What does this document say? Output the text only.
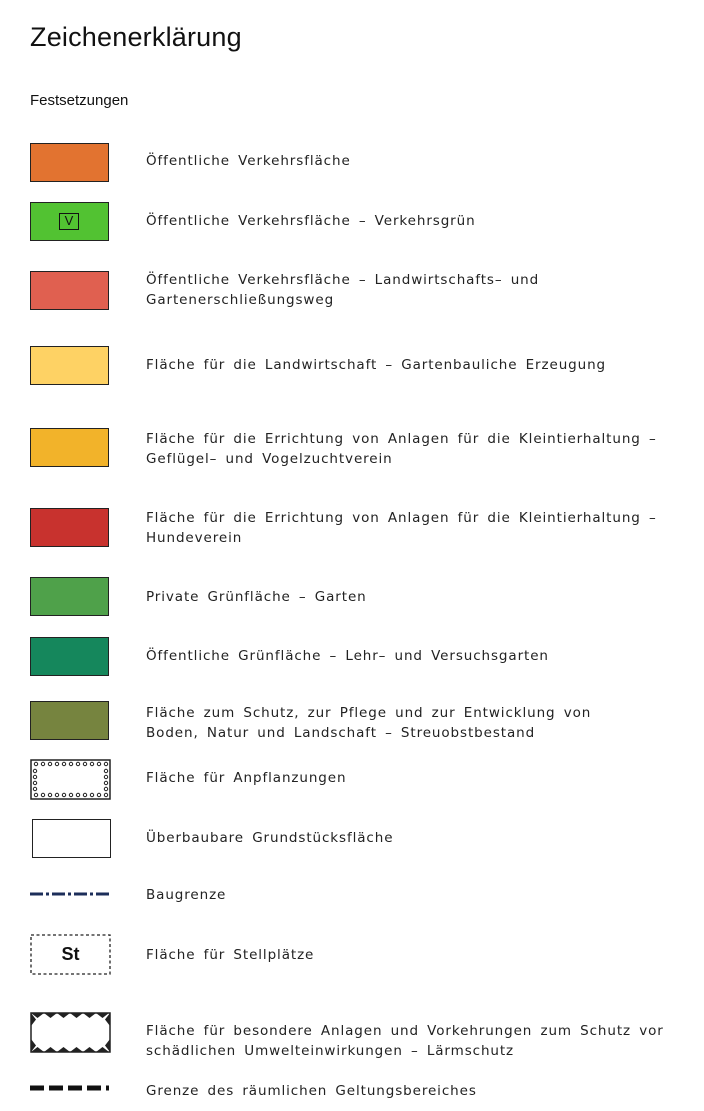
Zeichenerklärung
Festsetzungen
Öffentliche Verkehrsfläche
V	Öffentliche Verkehrsfläche – Verkehrsgrün
Öffentliche Verkehrsfläche – Landwirtschafts– und
Gartenerschließungsweg
Fläche für die Landwirtschaft – Gartenbauliche Erzeugung
Fläche für die Errichtung von Anlagen für die Kleintierhaltung –
Geflügel– und Vogelzuchtverein
Fläche für die Errichtung von Anlagen für die Kleintierhaltung –
Hundeverein
Private Grünfläche – Garten
Öffentliche Grünfläche – Lehr– und Versuchsgarten
Fläche zum Schutz, zur Pflege und zur Entwicklung von
Boden, Natur und Landschaft – Streuobstbestand
Fläche für Anpflanzungen
Überbaubare Grundstücksfläche
Baugrenze
St	Fläche für Stellplätze
Fläche für besondere Anlagen und Vorkehrungen zum Schutz vor
schädlichen Umwelteinwirkungen – Lärmschutz
Grenze des räumlichen Geltungsbereiches
